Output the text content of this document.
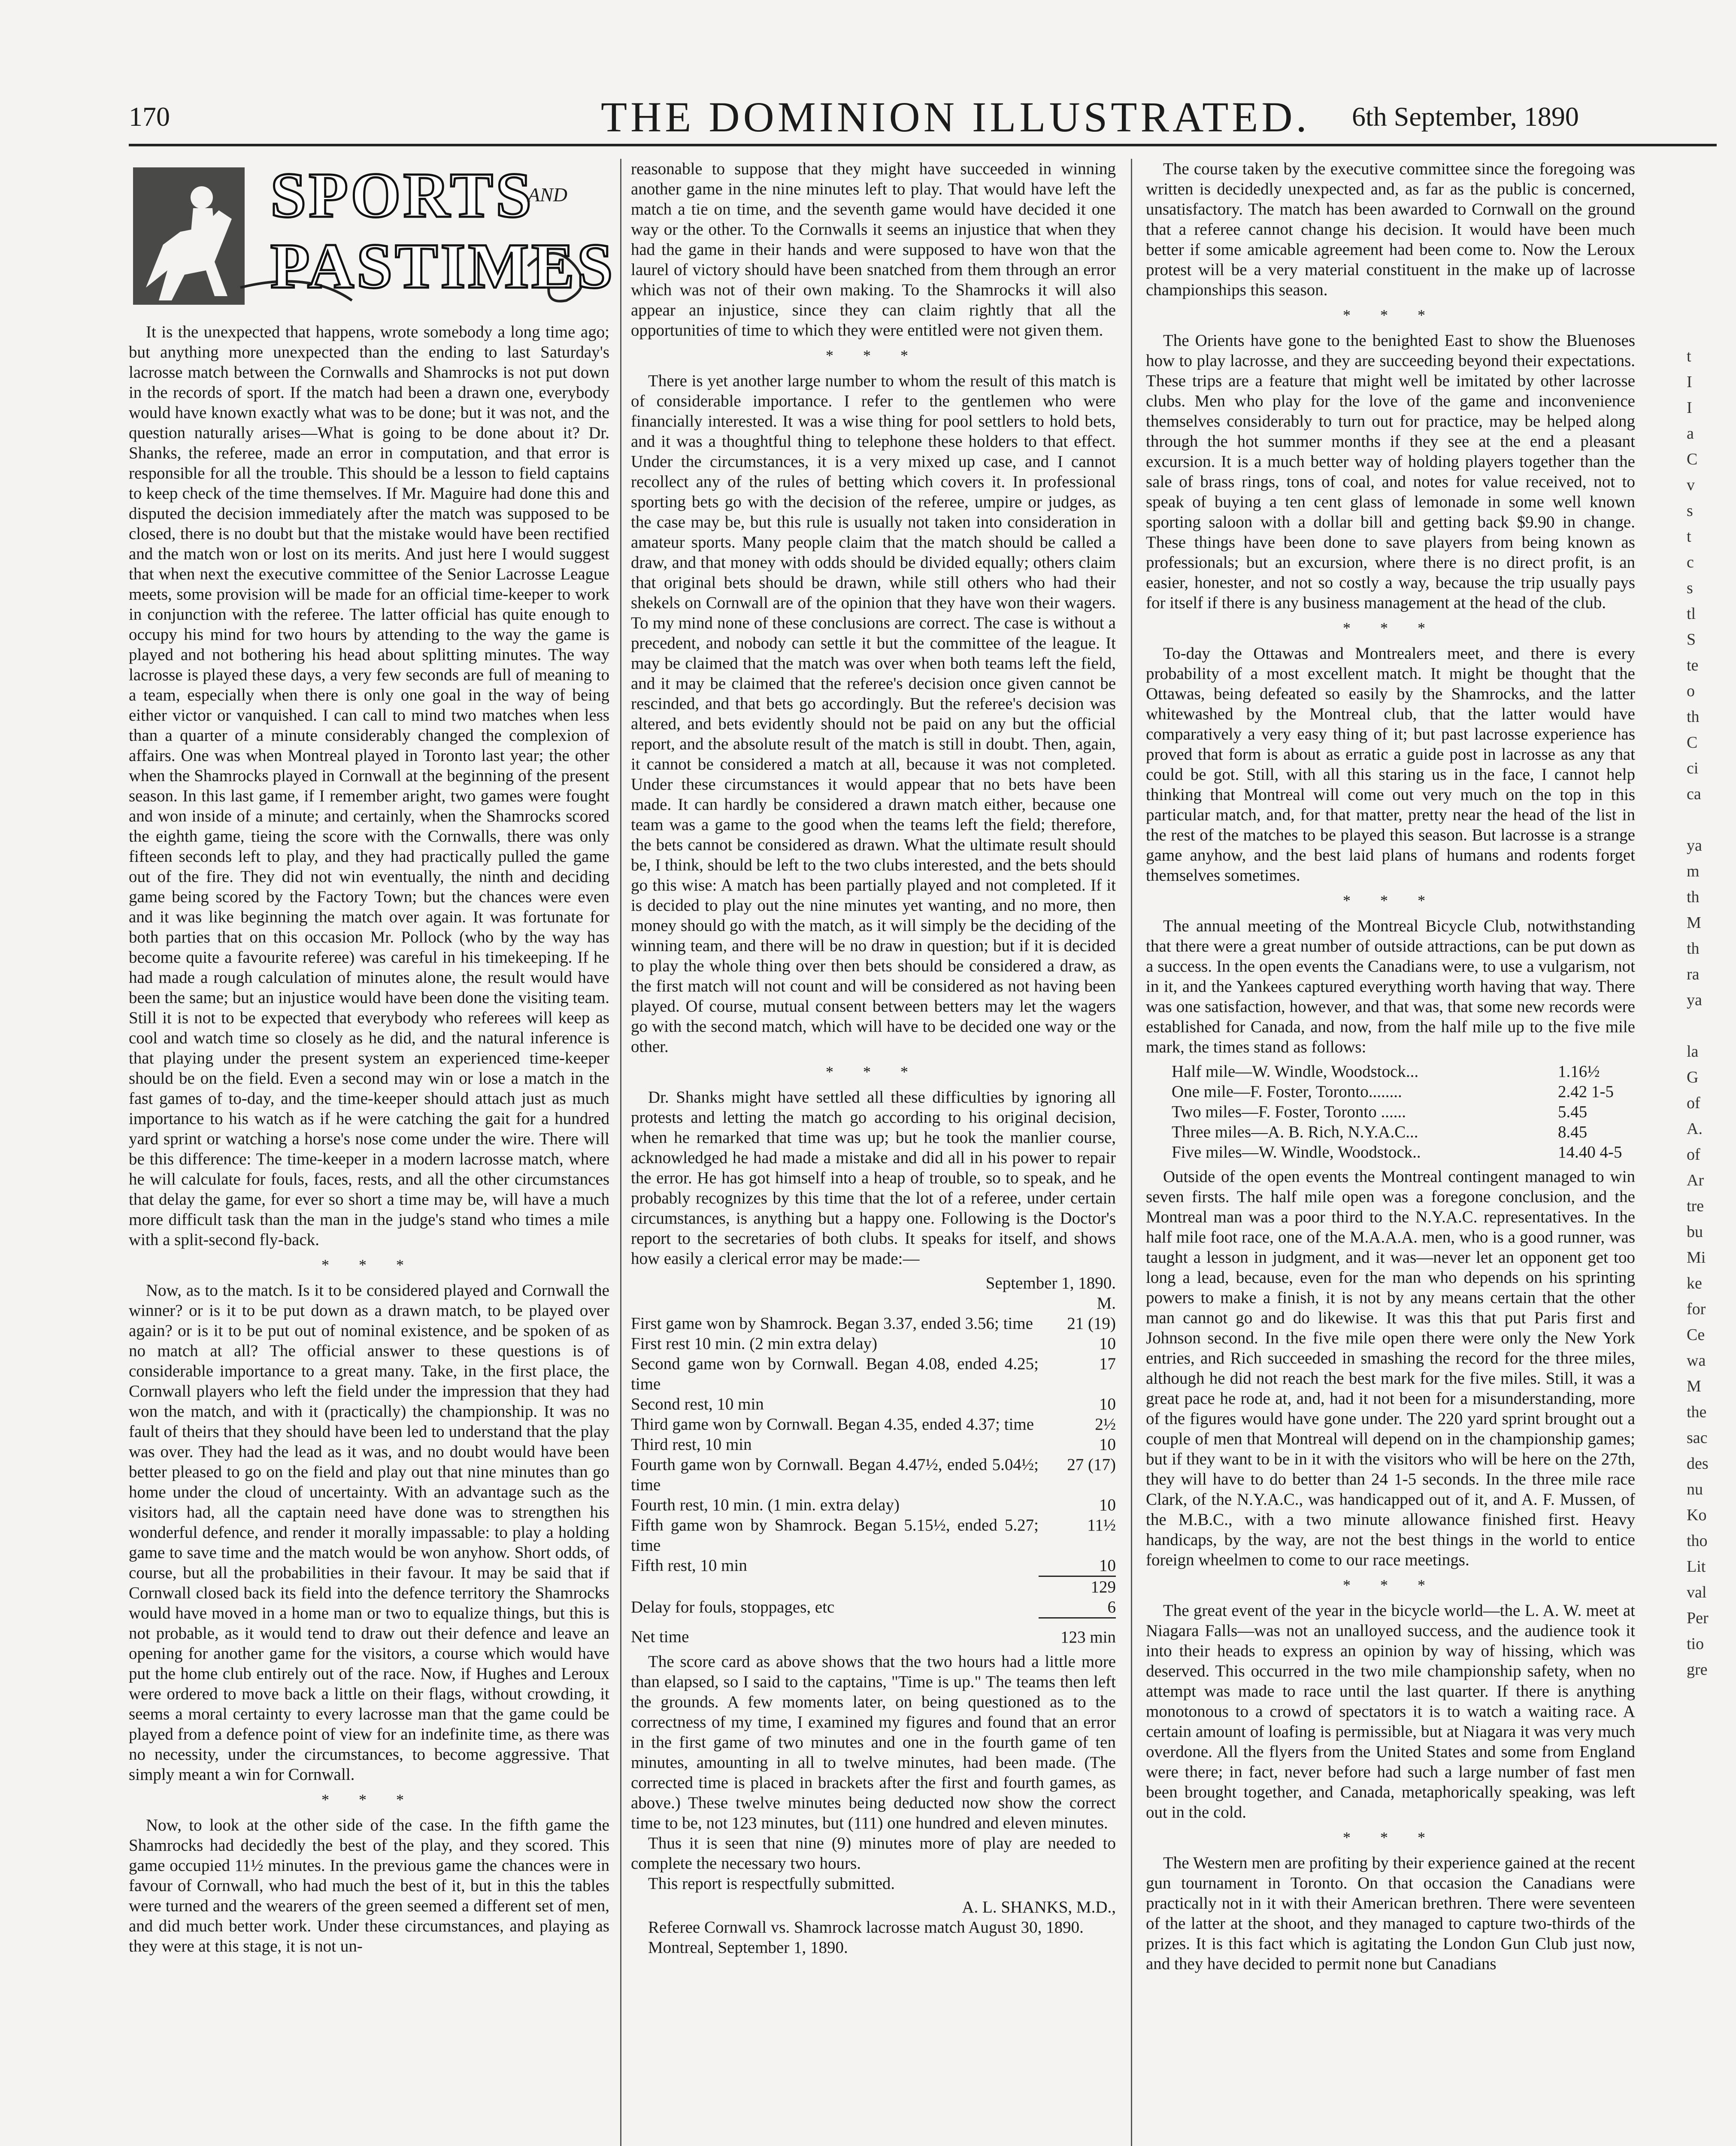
170	THE DOMINION ILLUSTRATED. 6th September, 1890
SPORTS
AND
PASTIMES

It is the unexpected that happens, wrote somebody a long time ago; but anything more unexpected than the ending to last Saturday's lacrosse match between the Cornwalls and Shamrocks is not put down in the records of sport. If the match had been a drawn one, everybody would have known exactly what was to be done; but it was not, and the question naturally arises—What is going to be done about it? Dr. Shanks, the referee, made an error in computation, and that error is responsible for all the trouble. This should be a lesson to field captains to keep check of the time themselves. If Mr. Maguire had done this and disputed the decision immediately after the match was supposed to be closed, there is no doubt but that the mistake would have been rectified and the match won or lost on its merits. And just here I would suggest that when next the executive committee of the Senior Lacrosse League meets, some provision will be made for an official time-keeper to work in conjunction with the referee. The latter official has quite enough to occupy his mind for two hours by attending to the way the game is played and not bothering his head about splitting minutes. The way lacrosse is played these days, a very few seconds are full of meaning to a team, especially when there is only one goal in the way of being either victor or vanquished. I can call to mind two matches when less than a quarter of a minute considerably changed the complexion of affairs. One was when Montreal played in Toronto last year; the other when the Shamrocks played in Cornwall at the beginning of the present season. In this last game, if I remember aright, two games were fought and won inside of a minute; and certainly, when the Shamrocks scored the eighth game, tieing the score with the Cornwalls, there was only fifteen seconds left to play, and they had practically pulled the game out of the fire. They did not win eventually, the ninth and deciding game being scored by the Factory Town; but the chances were even and it was like beginning the match over again. It was fortunate for both parties that on this occasion Mr. Pollock (who by the way has become quite a favourite referee) was careful in his timekeeping. If he had made a rough calculation of minutes alone, the result would have been the same; but an injustice would have been done the visiting team. Still it is not to be expected that everybody who referees will keep as cool and watch time so closely as he did, and the natural inference is that playing under the present system an experienced time-keeper should be on the field. Even a second may win or lose a match in the fast games of to-day, and the time-keeper should attach just as much importance to his watch as if he were catching the gait for a hundred yard sprint or watching a horse's nose come under the wire. There will be this difference: The time-keeper in a modern lacrosse match, where he will calculate for fouls, faces, rests, and all the other circumstances that delay the game, for ever so short a time may be, will have a much more difficult task than the man in the judge's stand who times a mile with a split-second fly-back.

* * *

Now, as to the match. Is it to be considered played and Cornwall the winner? or is it to be put down as a drawn match, to be played over again? or is it to be put out of nominal existence, and be spoken of as no match at all? The official answer to these questions is of considerable importance to a great many. Take, in the first place, the Cornwall players who left the field under the impression that they had won the match, and with it (practically) the championship. It was no fault of theirs that they should have been led to understand that the play was over. They had the lead as it was, and no doubt would have been better pleased to go on the field and play out that nine minutes than go home under the cloud of uncertainty. With an advantage such as the visitors had, all the captain need have done was to strengthen his wonderful defence, and render it morally impassable: to play a holding game to save time and the match would be won anyhow. Short odds, of course, but all the probabilities in their favour. It may be said that if Cornwall closed back its field into the defence territory the Shamrocks would have moved in a home man or two to equalize things, but this is not probable, as it would tend to draw out their defence and leave an opening for another game for the visitors, a course which would have put the home club entirely out of the race. Now, if Hughes and Leroux were ordered to move back a little on their flags, without crowding, it seems a moral certainty to every lacrosse man that the game could be played from a defence point of view for an indefinite time, as there was no necessity, under the circumstances, to become aggressive. That simply meant a win for Cornwall.

* * *

Now, to look at the other side of the case. In the fifth game the Shamrocks had decidedly the best of the play, and they scored. This game occupied 11½ minutes. In the previous game the chances were in favour of Cornwall, who had much the best of it, but in this the tables were turned and the wearers of the green seemed a different set of men, and did much better work. Under these circumstances, and playing as they were at this stage, it is not un-

reasonable to suppose that they might have succeeded in winning another game in the nine minutes left to play. That would have left the match a tie on time, and the seventh game would have decided it one way or the other. To the Cornwalls it seems an injustice that when they had the game in their hands and were supposed to have won that the laurel of victory should have been snatched from them through an error which was not of their own making. To the Shamrocks it will also appear an injustice, since they can claim rightly that all the opportunities of time to which they were entitled were not given them.

* * *

There is yet another large number to whom the result of this match is of considerable importance. I refer to the gentlemen who were financially interested. It was a wise thing for pool settlers to hold bets, and it was a thoughtful thing to telephone these holders to that effect. Under the circumstances, it is a very mixed up case, and I cannot recollect any of the rules of betting which covers it. In professional sporting bets go with the decision of the referee, umpire or judges, as the case may be, but this rule is usually not taken into consideration in amateur sports. Many people claim that the match should be called a draw, and that money with odds should be divided equally; others claim that original bets should be drawn, while still others who had their shekels on Cornwall are of the opinion that they have won their wagers. To my mind none of these conclusions are correct. The case is without a precedent, and nobody can settle it but the committee of the league. It may be claimed that the match was over when both teams left the field, and it may be claimed that the referee's decision once given cannot be rescinded, and that bets go accordingly. But the referee's decision was altered, and bets evidently should not be paid on any but the official report, and the absolute result of the match is still in doubt. Then, again, it cannot be considered a match at all, because it was not completed. Under these circumstances it would appear that no bets have been made. It can hardly be considered a drawn match either, because one team was a game to the good when the teams left the field; therefore, the bets cannot be considered as drawn. What the ultimate result should be, I think, should be left to the two clubs interested, and the bets should go this wise: A match has been partially played and not completed. If it is decided to play out the nine minutes yet wanting, and no more, then money should go with the match, as it will simply be the deciding of the winning team, and there will be no draw in question; but if it is decided to play the whole thing over then bets should be considered a draw, as the first match will not count and will be considered as not having been played. Of course, mutual consent between betters may let the wagers go with the second match, which will have to be decided one way or the other.

* * *

Dr. Shanks might have settled all these difficulties by ignoring all protests and letting the match go according to his original decision, when he remarked that time was up; but he took the manlier course, acknowledged he had made a mistake and did all in his power to repair the error. He has got himself into a heap of trouble, so to speak, and he probably recognizes by this time that the lot of a referee, under certain circumstances, is anything but a happy one. Following is the Doctor's report to the secretaries of both clubs. It speaks for itself, and shows how easily a clerical error may be made:—

September 1, 1890.
	M.
First game won by Shamrock. Began 3.37, ended 3.56; time	21 (19)
First rest 10 min. (2 min extra delay)	10
Second game won by Cornwall. Began 4.08, ended 4.25; time	17
Second rest, 10 min	10
Third game won by Cornwall. Began 4.35, ended 4.37; time	2½
Third rest, 10 min	10
Fourth game won by Cornwall. Began 4.47½, ended 5.04½; time	27 (17)
Fourth rest, 10 min. (1 min. extra delay)	10
Fifth game won by Shamrock. Began 5.15½, ended 5.27; time	11½
Fifth rest, 10 min	10
	129
Delay for fouls, stoppages, etc	6
Net time	123 min

The score card as above shows that the two hours had a little more than elapsed, so I said to the captains, "Time is up." The teams then left the grounds. A few moments later, on being questioned as to the correctness of my time, I examined my figures and found that an error in the first game of two minutes and one in the fourth game of ten minutes, amounting in all to twelve minutes, had been made. (The corrected time is placed in brackets after the first and fourth games, as above.) These twelve minutes being deducted now show the correct time to be, not 123 minutes, but (111) one hundred and eleven minutes.

Thus it is seen that nine (9) minutes more of play are needed to complete the necessary two hours.

This report is respectfully submitted.

A. L. SHANKS, M.D.,

Referee Cornwall vs. Shamrock lacrosse match August 30, 1890.

Montreal, September 1, 1890.

The course taken by the executive committee since the foregoing was written is decidedly unexpected and, as far as the public is concerned, unsatisfactory. The match has been awarded to Cornwall on the ground that a referee cannot change his decision. It would have been much better if some amicable agreement had been come to. Now the Leroux protest will be a very material constituent in the make up of lacrosse championships this season.

* * *

The Orients have gone to the benighted East to show the Bluenoses how to play lacrosse, and they are succeeding beyond their expectations. These trips are a feature that might well be imitated by other lacrosse clubs. Men who play for the love of the game and inconvenience themselves considerably to turn out for practice, may be helped along through the hot summer months if they see at the end a pleasant excursion. It is a much better way of holding players together than the sale of brass rings, tons of coal, and notes for value received, not to speak of buying a ten cent glass of lemonade in some well known sporting saloon with a dollar bill and getting back $9.90 in change. These things have been done to save players from being known as professionals; but an excursion, where there is no direct profit, is an easier, honester, and not so costly a way, because the trip usually pays for itself if there is any business management at the head of the club.

* * *

To-day the Ottawas and Montrealers meet, and there is every probability of a most excellent match. It might be thought that the Ottawas, being defeated so easily by the Shamrocks, and the latter whitewashed by the Montreal club, that the latter would have comparatively a very easy thing of it; but past lacrosse experience has proved that form is about as erratic a guide post in lacrosse as any that could be got. Still, with all this staring us in the face, I cannot help thinking that Montreal will come out very much on the top in this particular match, and, for that matter, pretty near the head of the list in the rest of the matches to be played this season. But lacrosse is a strange game anyhow, and the best laid plans of humans and rodents forget themselves sometimes.

* * *

The annual meeting of the Montreal Bicycle Club, notwithstanding that there were a great number of outside attractions, can be put down as a success. In the open events the Canadians were, to use a vulgarism, not in it, and the Yankees captured everything worth having that way. There was one satisfaction, however, and that was, that some new records were established for Canada, and now, from the half mile up to the five mile mark, the times stand as follows:

Half mile—W. Windle, Woodstock...	1.16½
One mile—F. Foster, Toronto........	2.42 1-5
Two miles—F. Foster, Toronto ......	5.45
Three miles—A. B. Rich, N.Y.A.C...	8.45
Five miles—W. Windle, Woodstock..	14.40 4-5

Outside of the open events the Montreal contingent managed to win seven firsts. The half mile open was a foregone conclusion, and the Montreal man was a poor third to the N.Y.A.C. representatives. In the half mile foot race, one of the M.A.A.A. men, who is a good runner, was taught a lesson in judgment, and it was—never let an opponent get too long a lead, because, even for the man who depends on his sprinting powers to make a finish, it is not by any means certain that the other man cannot go and do likewise. It was this that put Paris first and Johnson second. In the five mile open there were only the New York entries, and Rich succeeded in smashing the record for the three miles, although he did not reach the best mark for the five miles. Still, it was a great pace he rode at, and, had it not been for a misunderstanding, more of the figures would have gone under. The 220 yard sprint brought out a couple of men that Montreal will depend on in the championship games; but if they want to be in it with the visitors who will be here on the 27th, they will have to do better than 24 1-5 seconds. In the three mile race Clark, of the N.Y.A.C., was handicapped out of it, and A. F. Mussen, of the M.B.C., with a two minute allowance finished first. Heavy handicaps, by the way, are not the best things in the world to entice foreign wheelmen to come to our race meetings.

* * *

The great event of the year in the bicycle world—the L. A. W. meet at Niagara Falls—was not an unalloyed success, and the audience took it into their heads to express an opinion by way of hissing, which was deserved. This occurred in the two mile championship safety, when no attempt was made to race until the last quarter. If there is anything monotonous to a crowd of spectators it is to watch a waiting race. A certain amount of loafing is permissible, but at Niagara it was very much overdone. All the flyers from the United States and some from England were there; in fact, never before had such a large number of fast men been brought together, and Canada, metaphorically speaking, was left out in the cold.

* * *

The Western men are profiting by their experience gained at the recent gun tournament in Toronto. On that occasion the Canadians were practically not in it with their American brethren. There were seventeen of the latter at the shoot, and they managed to capture two-thirds of the prizes. It is this fact which is agitating the London Gun Club just now, and they have decided to permit none but Canadians

t
I
I
a
C
v
s
t
c
s
tl
S
te
o
th
C
ci
ca

ya
m
th
M
th
ra
ya

la
G
of
A.
of
Ar
tre
bu
Mi
ke
for
Ce
wa
M
the
sac
des
nu
Ko
tho
Lit
val
Per
tio
gre
